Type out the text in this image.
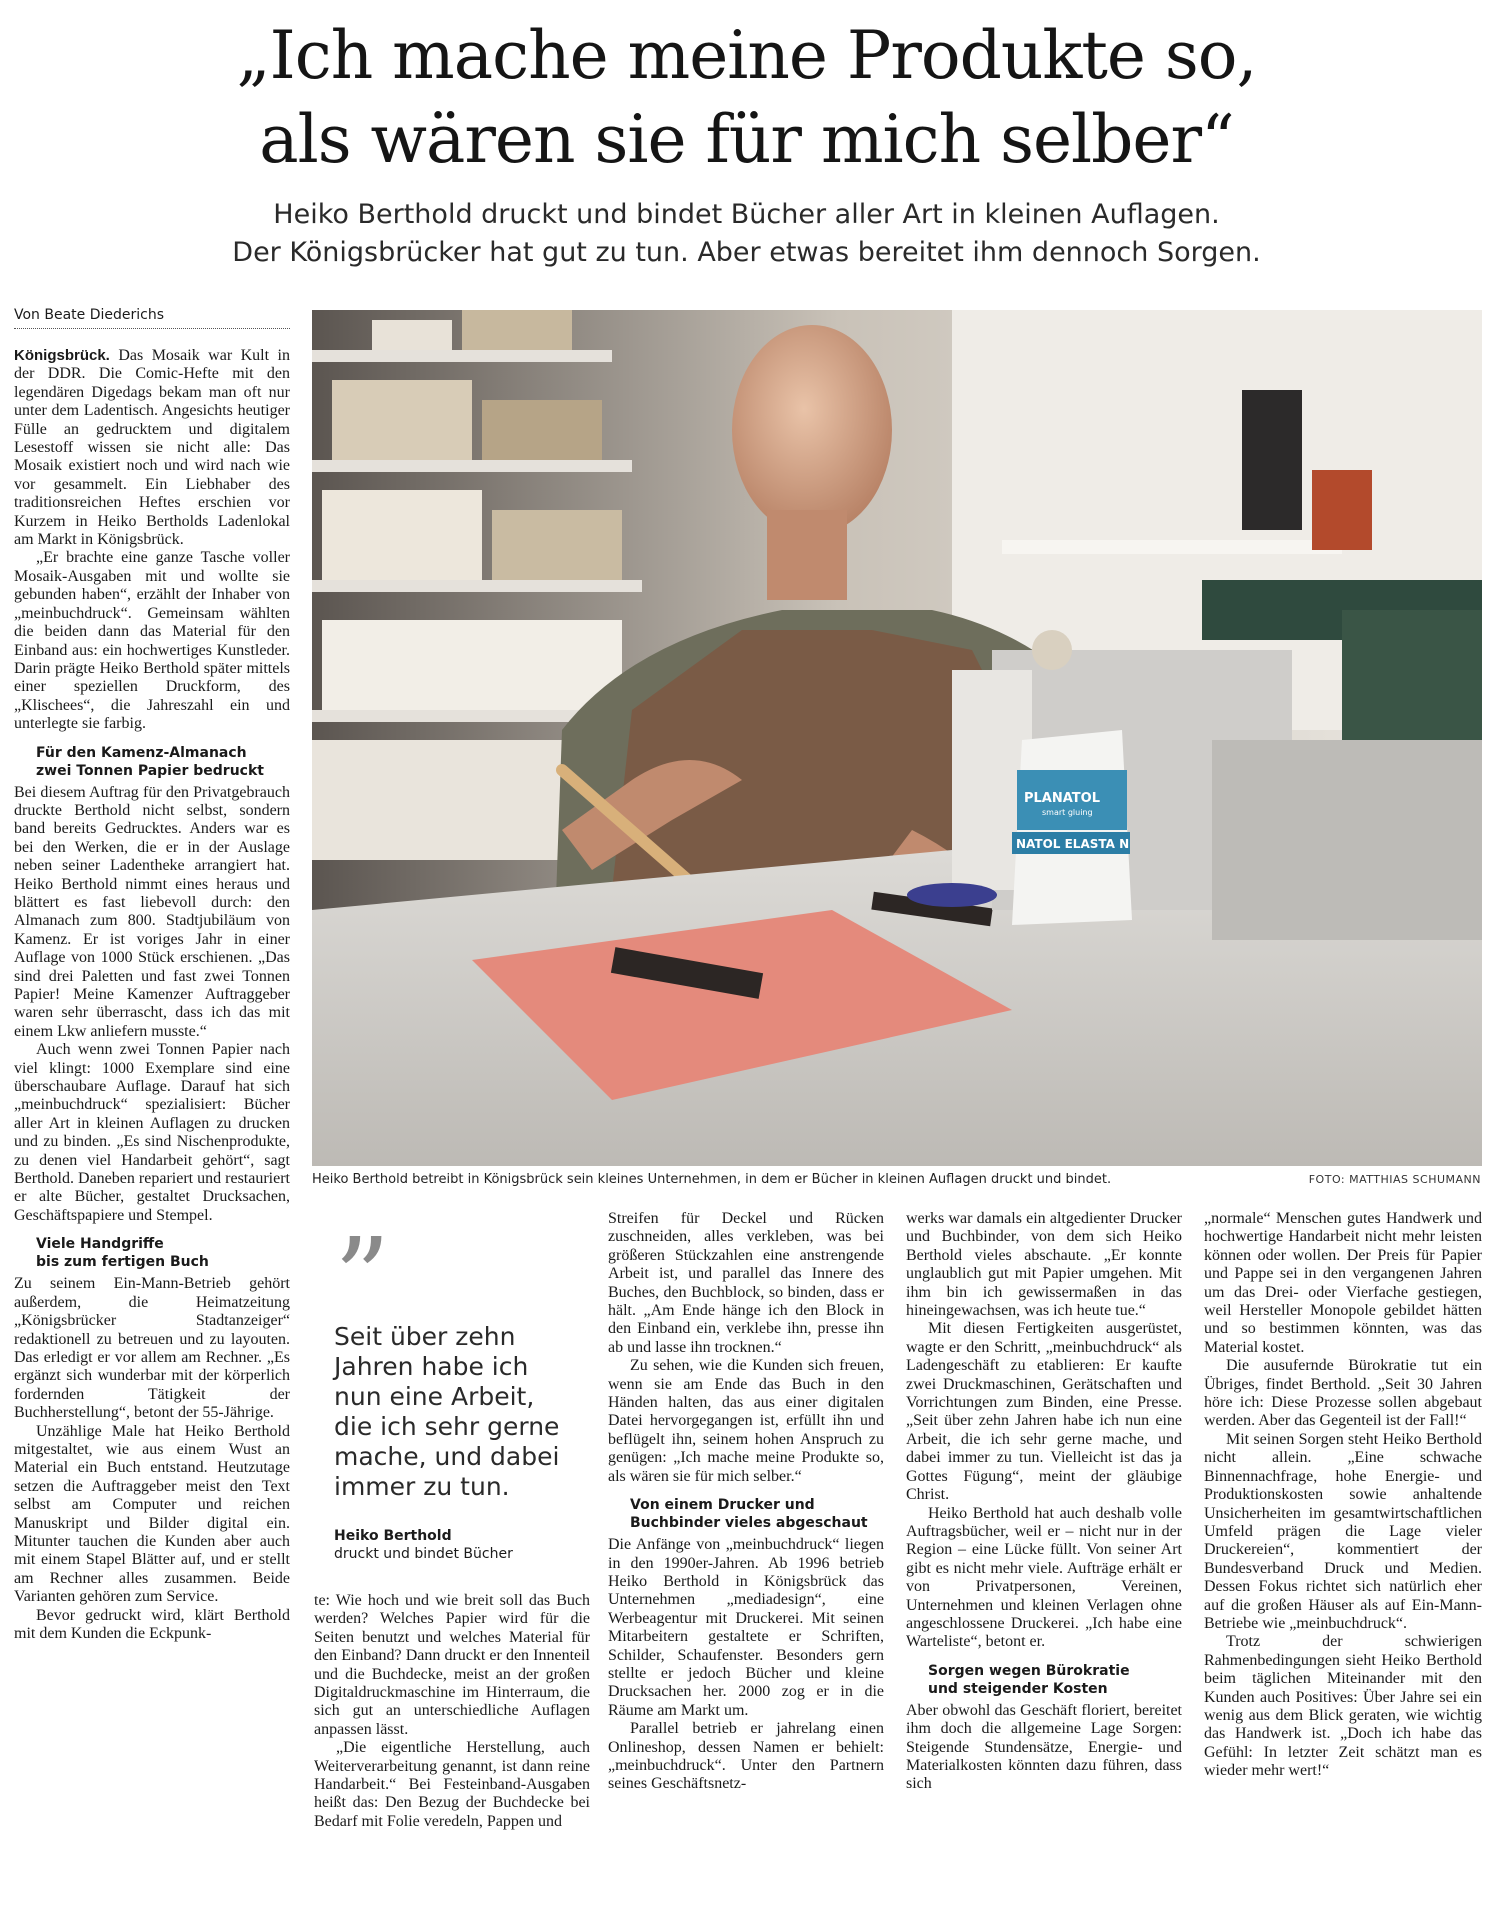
„Ich mache meine Produkte so,
als wären sie für mich selber“
Heiko Berthold druckt und bindet Bücher aller Art in kleinen Auflagen.
Der Königsbrücker hat gut zu tun. Aber etwas bereitet ihm dennoch Sorgen.
Von Beate Diederichs

Königsbrück. Das Mosaik war Kult in der DDR. Die Comic-Hefte mit den legendären Digedags bekam man oft nur unter dem Ladentisch. Angesichts heutiger Fülle an gedrucktem und digitalem Lesestoff wissen sie nicht alle: Das Mosaik existiert noch und wird nach wie vor gesammelt. Ein Liebhaber des traditionsreichen Heftes erschien vor Kurzem in Heiko Bertholds Ladenlokal am Markt in Königsbrück.

„Er brachte eine ganze Tasche voller Mosaik-Ausgaben mit und wollte sie gebunden haben“, erzählt der Inhaber von „meinbuchdruck“. Gemeinsam wählten die beiden dann das Material für den Einband aus: ein hochwertiges Kunstleder. Darin prägte Heiko Berthold später mittels einer speziellen Druckform, des „Klischees“, die Jahreszahl ein und unterlegte sie farbig.

Für den Kamenz-Almanach
zwei Tonnen Papier bedruckt

Bei diesem Auftrag für den Privatgebrauch druckte Berthold nicht selbst, sondern band bereits Gedrucktes. Anders war es bei den Werken, die er in der Auslage neben seiner Ladentheke arrangiert hat. Heiko Berthold nimmt eines heraus und blättert es fast liebevoll durch: den Almanach zum 800. Stadtjubiläum von Kamenz. Er ist voriges Jahr in einer Auflage von 1000 Stück erschienen. „Das sind drei Paletten und fast zwei Tonnen Papier! Meine Kamenzer Auftraggeber waren sehr überrascht, dass ich das mit einem Lkw anliefern musste.“

Auch wenn zwei Tonnen Papier nach viel klingt: 1000 Exemplare sind eine überschaubare Auflage. Darauf hat sich „meinbuchdruck“ spezialisiert: Bücher aller Art in kleinen Auflagen zu drucken und zu binden. „Es sind Nischenprodukte, zu denen viel Handarbeit gehört“, sagt Berthold. Daneben repariert und restauriert er alte Bücher, gestaltet Drucksachen, Geschäftspapiere und Stempel.

Viele Handgriffe
bis zum fertigen Buch

Zu seinem Ein-Mann-Betrieb gehört außerdem, die Heimatzeitung „Königsbrücker Stadtanzeiger“ redaktionell zu betreuen und zu layouten. Das erledigt er vor allem am Rechner. „Es ergänzt sich wunderbar mit der körperlich fordernden Tätigkeit der Buchherstellung“, betont der 55-Jährige.

Unzählige Male hat Heiko Berthold mitgestaltet, wie aus einem Wust an Material ein Buch entstand. Heutzutage setzen die Auftraggeber meist den Text selbst am Computer und reichen Manuskript und Bilder digital ein. Mitunter tauchen die Kunden aber auch mit einem Stapel Blätter auf, und er stellt am Rechner alles zusammen. Beide Varianten gehören zum Service.

Bevor gedruckt wird, klärt Berthold mit dem Kunden die Eckpunk-

PLANATOL
smart gluing
NATOL ELASTA N
Heiko Berthold betreibt in Königsbrück sein kleines Unternehmen, in dem er Bücher in kleinen Auflagen druckt und bindet.	FOTO: MATTHIAS SCHUMANN
”
Seit über zehn Jahren habe ich nun eine Arbeit, die ich sehr gerne mache, und dabei immer zu tun.
Heiko Berthold
druckt und bindet Bücher

te: Wie hoch und wie breit soll das Buch werden? Welches Papier wird für die Seiten benutzt und welches Material für den Einband? Dann druckt er den Innenteil und die Buchdecke, meist an der großen Digitaldruckmaschine im Hinterraum, die sich gut an unterschiedliche Auflagen anpassen lässt.

„Die eigentliche Herstellung, auch Weiterverarbeitung genannt, ist dann reine Handarbeit.“ Bei Festeinband-Ausgaben heißt das: Den Bezug der Buchdecke bei Bedarf mit Folie veredeln, Pappen und

Streifen für Deckel und Rücken zuschneiden, alles verkleben, was bei größeren Stückzahlen eine anstrengende Arbeit ist, und parallel das Innere des Buches, den Buchblock, so binden, dass er hält. „Am Ende hänge ich den Block in den Einband ein, verklebe ihn, presse ihn ab und lasse ihn trocknen.“

Zu sehen, wie die Kunden sich freuen, wenn sie am Ende das Buch in den Händen halten, das aus einer digitalen Datei hervorgegangen ist, erfüllt ihn und beflügelt ihn, seinem hohen Anspruch zu genügen: „Ich mache meine Produkte so, als wären sie für mich selber.“

Von einem Drucker und
Buchbinder vieles abgeschaut

Die Anfänge von „meinbuchdruck“ liegen in den 1990er-Jahren. Ab 1996 betrieb Heiko Berthold in Königsbrück das Unternehmen „mediadesign“, eine Werbeagentur mit Druckerei. Mit seinen Mitarbeitern gestaltete er Schriften, Schilder, Schaufenster. Besonders gern stellte er jedoch Bücher und kleine Drucksachen her. 2000 zog er in die Räume am Markt um.

Parallel betrieb er jahrelang einen Onlineshop, dessen Namen er behielt: „meinbuchdruck“. Unter den Partnern seines Geschäftsnetz-

werks war damals ein altgedienter Drucker und Buchbinder, von dem sich Heiko Berthold vieles abschaute. „Er konnte unglaublich gut mit Papier umgehen. Mit ihm bin ich gewissermaßen in das hineingewachsen, was ich heute tue.“

Mit diesen Fertigkeiten ausgerüstet, wagte er den Schritt, „meinbuchdruck“ als Ladengeschäft zu etablieren: Er kaufte zwei Druckmaschinen, Gerätschaften und Vorrichtungen zum Binden, eine Presse. „Seit über zehn Jahren habe ich nun eine Arbeit, die ich sehr gerne mache, und dabei immer zu tun. Vielleicht ist das ja Gottes Fügung“, meint der gläubige Christ.

Heiko Berthold hat auch deshalb volle Auftragsbücher, weil er – nicht nur in der Region – eine Lücke füllt. Von seiner Art gibt es nicht mehr viele. Aufträge erhält er von Privatpersonen, Vereinen, Unternehmen und kleinen Verlagen ohne angeschlossene Druckerei. „Ich habe eine Warteliste“, betont er.

Sorgen wegen Bürokratie
und steigender Kosten

Aber obwohl das Geschäft floriert, bereitet ihm doch die allgemeine Lage Sorgen: Steigende Stundensätze, Energie- und Materialkosten könnten dazu führen, dass sich

„normale“ Menschen gutes Handwerk und hochwertige Handarbeit nicht mehr leisten können oder wollen. Der Preis für Papier und Pappe sei in den vergangenen Jahren um das Drei- oder Vierfache gestiegen, weil Hersteller Monopole gebildet hätten und so bestimmen könnten, was das Material kostet.

Die ausufernde Bürokratie tut ein Übriges, findet Berthold. „Seit 30 Jahren höre ich: Diese Prozesse sollen abgebaut werden. Aber das Gegenteil ist der Fall!“

Mit seinen Sorgen steht Heiko Berthold nicht allein. „Eine schwache Binnennachfrage, hohe Energie- und Produktionskosten sowie anhaltende Unsicherheiten im gesamtwirtschaftlichen Umfeld prägen die Lage vieler Druckereien“, kommentiert der Bundesverband Druck und Medien. Dessen Fokus richtet sich natürlich eher auf die großen Häuser als auf Ein-Mann-Betriebe wie „meinbuchdruck“.

Trotz der schwierigen Rahmenbedingungen sieht Heiko Berthold beim täglichen Miteinander mit den Kunden auch Positives: Über Jahre sei ein wenig aus dem Blick geraten, wie wichtig das Handwerk ist. „Doch ich habe das Gefühl: In letzter Zeit schätzt man es wieder mehr wert!“
